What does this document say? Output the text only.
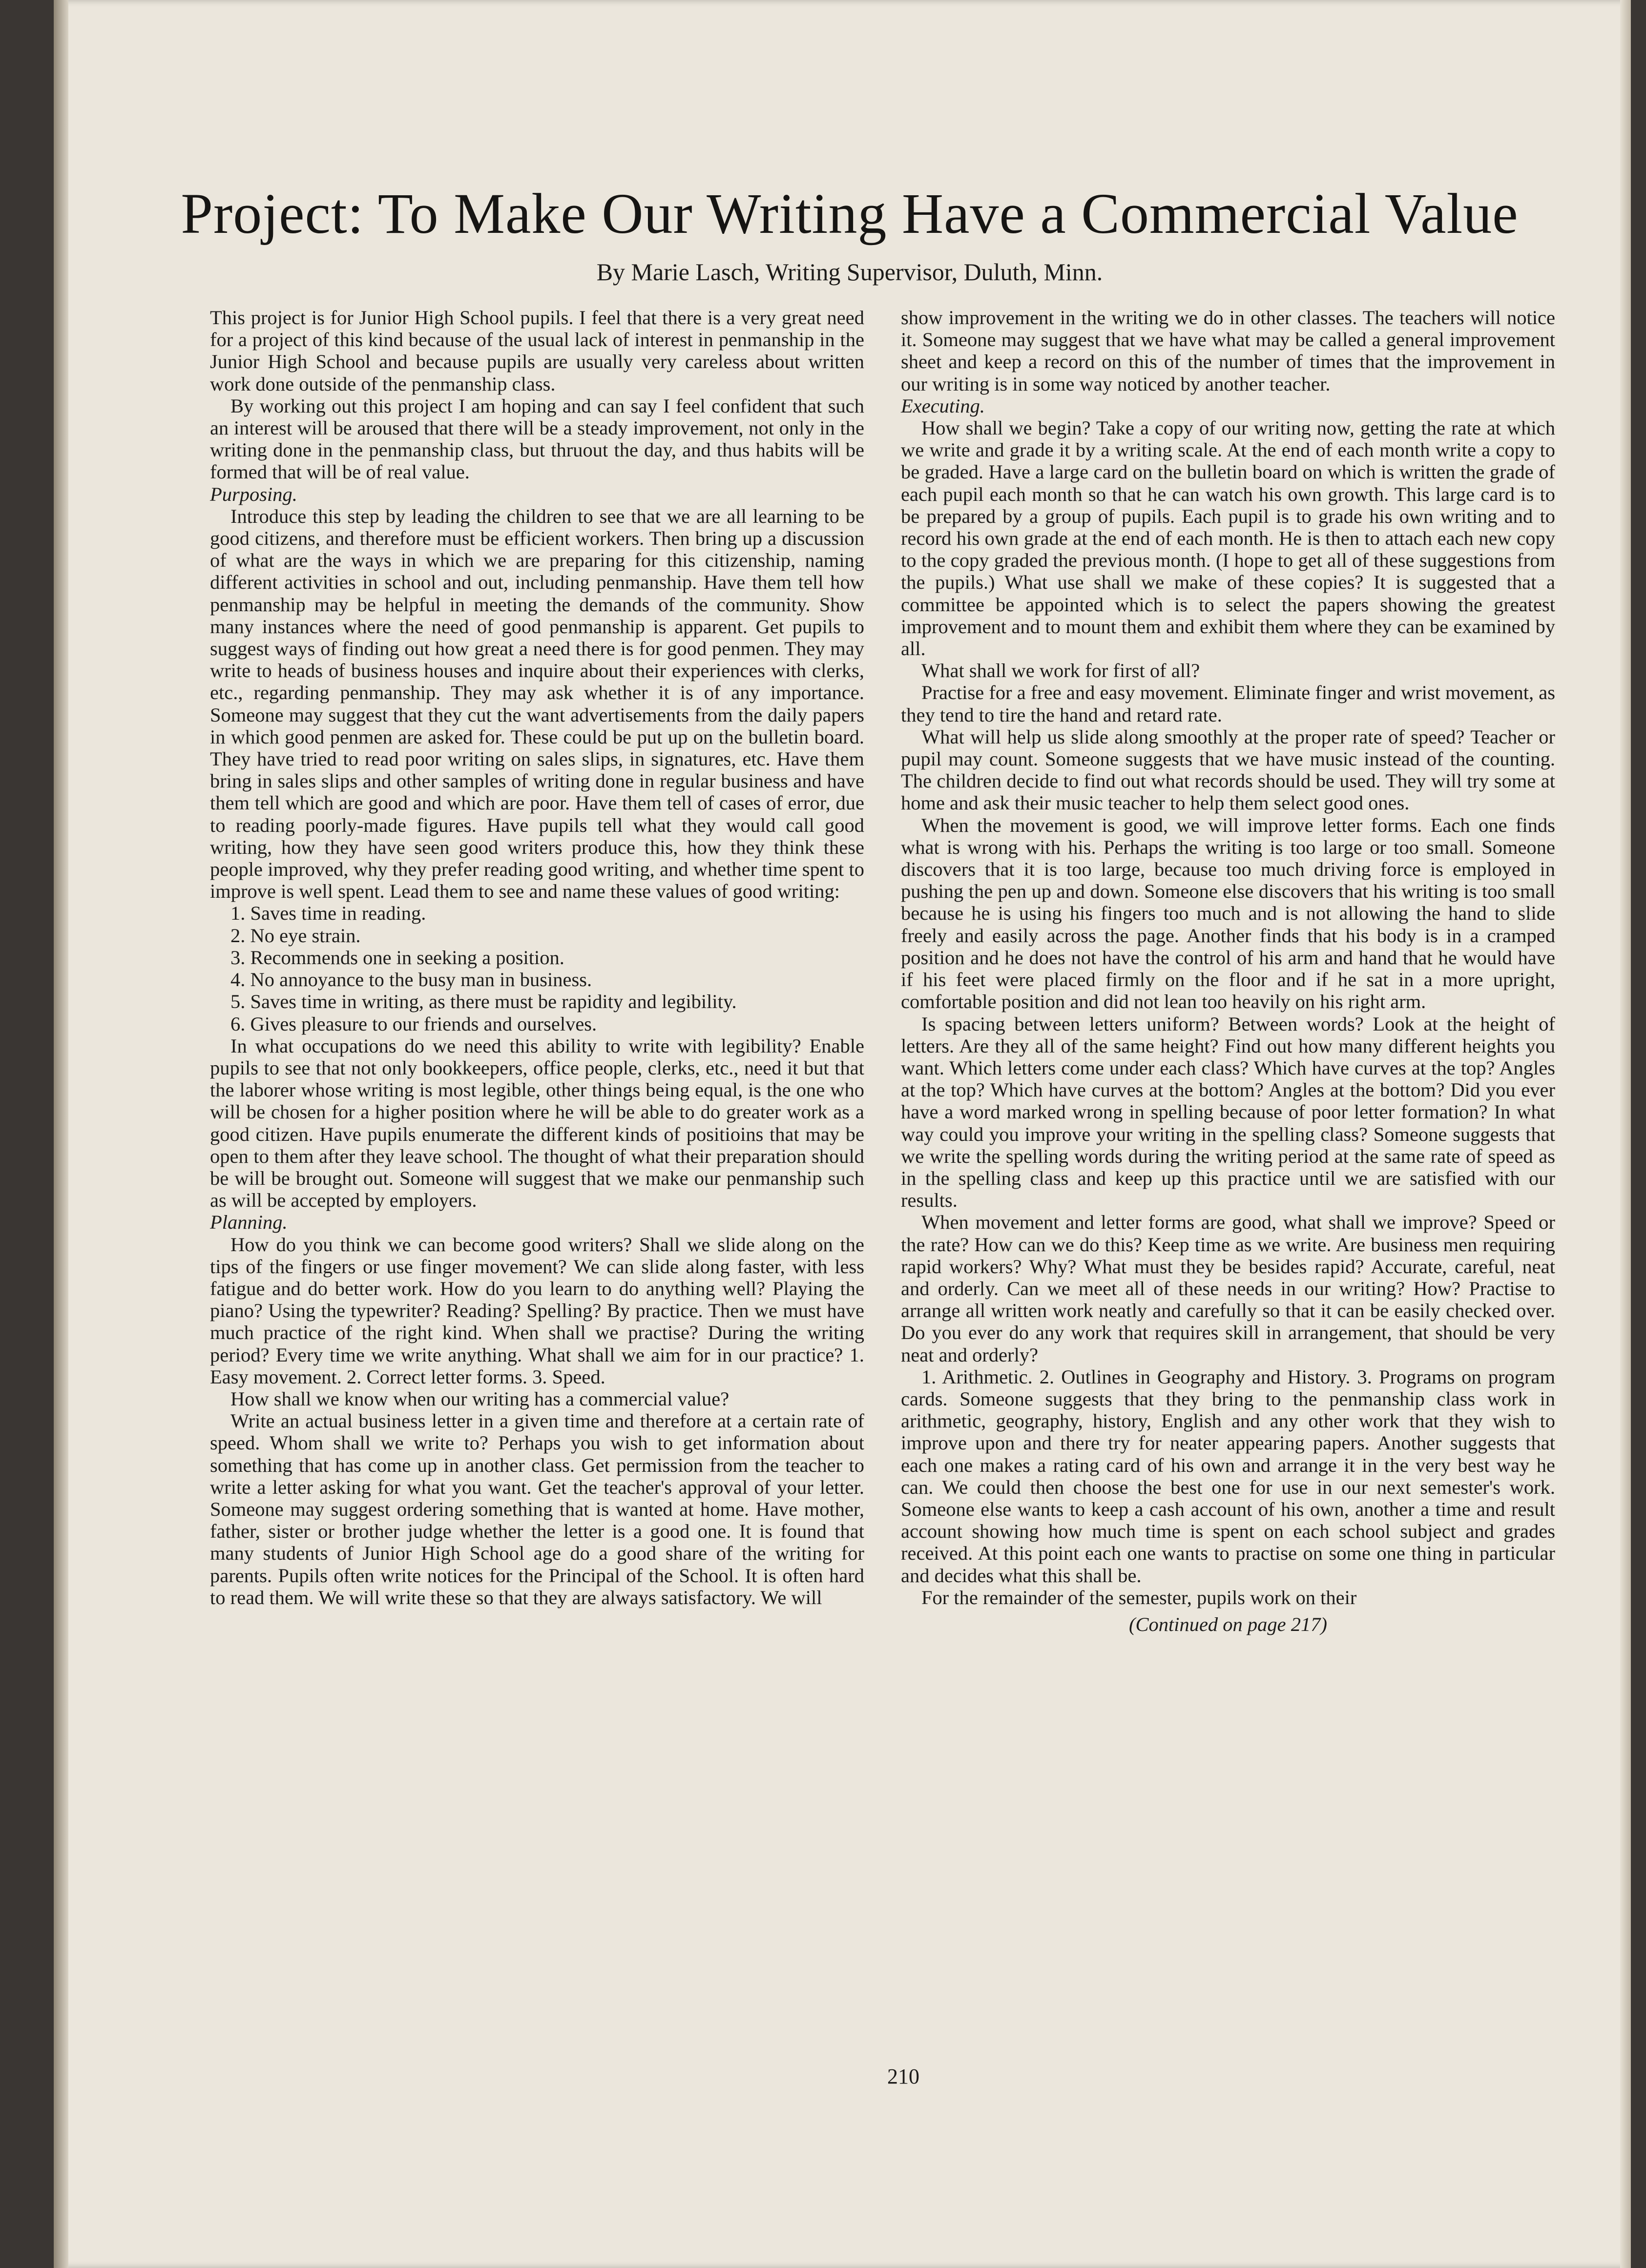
Project: To Make Our Writing Have a Commercial Value

By Marie Lasch, Writing Supervisor, Duluth, Minn.

This project is for Junior High School pupils. I feel that there is a very great need for a project of this kind because of the usual lack of interest in penmanship in the Junior High School and because pupils are usually very careless about written work done outside of the penmanship class.

By working out this project I am hoping and can say I feel confident that such an interest will be aroused that there will be a steady improvement, not only in the writing done in the penmanship class, but thruout the day, and thus habits will be formed that will be of real value.

Purposing.

Introduce this step by leading the children to see that we are all learning to be good citizens, and therefore must be efficient workers. Then bring up a discussion of what are the ways in which we are preparing for this citizenship, naming different activities in school and out, including penmanship. Have them tell how penmanship may be helpful in meeting the demands of the community. Show many instances where the need of good penmanship is apparent. Get pupils to suggest ways of finding out how great a need there is for good penmen. They may write to heads of business houses and inquire about their experiences with clerks, etc., regarding penmanship. They may ask whether it is of any importance. Someone may suggest that they cut the want advertisements from the daily papers in which good penmen are asked for. These could be put up on the bulletin board. They have tried to read poor writing on sales slips, in signatures, etc. Have them bring in sales slips and other samples of writing done in regular business and have them tell which are good and which are poor. Have them tell of cases of error, due to reading poorly-made figures. Have pupils tell what they would call good writing, how they have seen good writers produce this, how they think these people improved, why they prefer reading good writing, and whether time spent to improve is well spent. Lead them to see and name these values of good writing:

1. Saves time in reading.

2. No eye strain.

3. Recommends one in seeking a position.

4. No annoyance to the busy man in business.

5. Saves time in writing, as there must be rapidity and legibility.

6. Gives pleasure to our friends and ourselves.

In what occupations do we need this ability to write with legibility? Enable pupils to see that not only bookkeepers, office people, clerks, etc., need it but that the laborer whose writing is most legible, other things being equal, is the one who will be chosen for a higher position where he will be able to do greater work as a good citizen. Have pupils enumerate the different kinds of positioins that may be open to them after they leave school. The thought of what their preparation should be will be brought out. Someone will suggest that we make our penmanship such as will be accepted by employers.

Planning.

How do you think we can become good writers? Shall we slide along on the tips of the fingers or use finger movement? We can slide along faster, with less fatigue and do better work. How do you learn to do anything well? Playing the piano? Using the typewriter? Reading? Spelling? By practice. Then we must have much practice of the right kind. When shall we practise? During the writing period? Every time we write anything. What shall we aim for in our practice? 1. Easy movement. 2. Correct letter forms. 3. Speed.

How shall we know when our writing has a commercial value?

Write an actual business letter in a given time and therefore at a certain rate of speed. Whom shall we write to? Perhaps you wish to get information about something that has come up in another class. Get permission from the teacher to write a letter asking for what you want. Get the teacher's approval of your letter. Someone may suggest ordering something that is wanted at home. Have mother, father, sister or brother judge whether the letter is a good one. It is found that many students of Junior High School age do a good share of the writing for parents. Pupils often write notices for the Principal of the School. It is often hard to read them. We will write these so that they are always satisfactory. We will

show improvement in the writing we do in other classes. The teachers will notice it. Someone may suggest that we have what may be called a general improvement sheet and keep a record on this of the number of times that the improvement in our writing is in some way noticed by another teacher.

Executing.

How shall we begin? Take a copy of our writing now, getting the rate at which we write and grade it by a writing scale. At the end of each month write a copy to be graded. Have a large card on the bulletin board on which is written the grade of each pupil each month so that he can watch his own growth. This large card is to be prepared by a group of pupils. Each pupil is to grade his own writing and to record his own grade at the end of each month. He is then to attach each new copy to the copy graded the previous month. (I hope to get all of these suggestions from the pupils.) What use shall we make of these copies? It is suggested that a committee be appointed which is to select the papers showing the greatest improvement and to mount them and exhibit them where they can be examined by all.

What shall we work for first of all?

Practise for a free and easy movement. Eliminate finger and wrist movement, as they tend to tire the hand and retard rate.

What will help us slide along smoothly at the proper rate of speed? Teacher or pupil may count. Someone suggests that we have music instead of the counting. The children decide to find out what records should be used. They will try some at home and ask their music teacher to help them select good ones.

When the movement is good, we will improve letter forms. Each one finds what is wrong with his. Perhaps the writing is too large or too small. Someone discovers that it is too large, because too much driving force is employed in pushing the pen up and down. Someone else discovers that his writing is too small because he is using his fingers too much and is not allowing the hand to slide freely and easily across the page. Another finds that his body is in a cramped position and he does not have the control of his arm and hand that he would have if his feet were placed firmly on the floor and if he sat in a more upright, comfortable position and did not lean too heavily on his right arm.

Is spacing between letters uniform? Between words? Look at the height of letters. Are they all of the same height? Find out how many different heights you want. Which letters come under each class? Which have curves at the top? Angles at the top? Which have curves at the bottom? Angles at the bottom? Did you ever have a word marked wrong in spelling because of poor letter formation? In what way could you improve your writing in the spelling class? Someone suggests that we write the spelling words during the writing period at the same rate of speed as in the spelling class and keep up this practice until we are satisfied with our results.

When movement and letter forms are good, what shall we improve? Speed or the rate? How can we do this? Keep time as we write. Are business men requiring rapid workers? Why? What must they be besides rapid? Accurate, careful, neat and orderly. Can we meet all of these needs in our writing? How? Practise to arrange all written work neatly and carefully so that it can be easily checked over. Do you ever do any work that requires skill in arrangement, that should be very neat and orderly?

1. Arithmetic. 2. Outlines in Geography and History. 3. Programs on program cards. Someone suggests that they bring to the penmanship class work in arithmetic, geography, history, English and any other work that they wish to improve upon and there try for neater appearing papers. Another suggests that each one makes a rating card of his own and arrange it in the very best way he can. We could then choose the best one for use in our next semester's work. Someone else wants to keep a cash account of his own, another a time and result account showing how much time is spent on each school subject and grades received. At this point each one wants to practise on some one thing in particular and decides what this shall be.

For the remainder of the semester, pupils work on their

(Continued on page 217)

210
